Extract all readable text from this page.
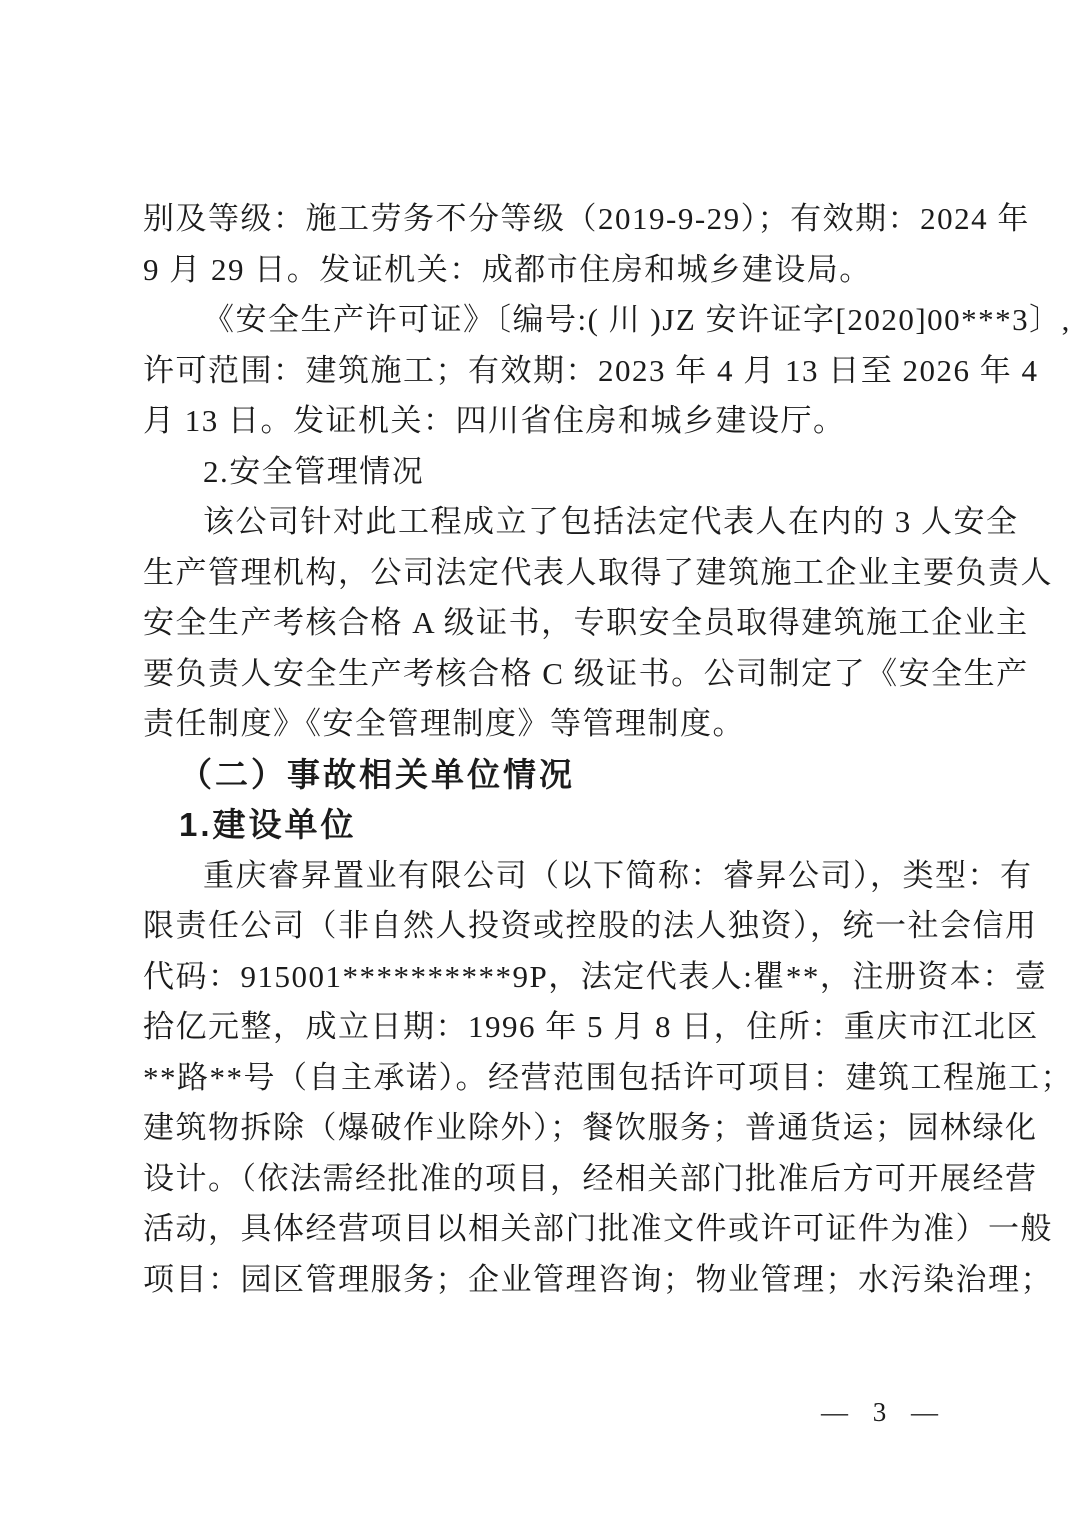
别及等级：施工劳务不分等级（2019-9-29）；有效期：2024 年
9 月 29 日。发证机关：成都市住房和城乡建设局。
《安全生产许可证》〔编号:( 川 )JZ 安许证字[2020]00***3〕,
许可范围：建筑施工；有效期：2023 年 4 月 13 日至 2026 年 4
月 13 日。发证机关：四川省住房和城乡建设厅。
2.安全管理情况
该公司针对此工程成立了包括法定代表人在内的 3 人安全
生产管理机构，公司法定代表人取得了建筑施工企业主要负责人
安全生产考核合格 A 级证书，专职安全员取得建筑施工企业主
要负责人安全生产考核合格 C 级证书。公司制定了《安全生产
责任制度》《安全管理制度》等管理制度。
（二）事故相关单位情况
1.建设单位
重庆睿昇置业有限公司（以下简称：睿昇公司），类型：有
限责任公司（非自然人投资或控股的法人独资），统一社会信用
代码：915001**********9P，法定代表人:瞿**，注册资本：壹
拾亿元整，成立日期：1996 年 5 月 8 日，住所：重庆市江北区
**路**号（自主承诺）。经营范围包括许可项目：建筑工程施工；
建筑物拆除（爆破作业除外）；餐饮服务；普通货运；园林绿化
设计。（依法需经批准的项目，经相关部门批准后方可开展经营
活动，具体经营项目以相关部门批准文件或许可证件为准）一般
项目：园区管理服务；企业管理咨询；物业管理；水污染治理；
— 3 —
